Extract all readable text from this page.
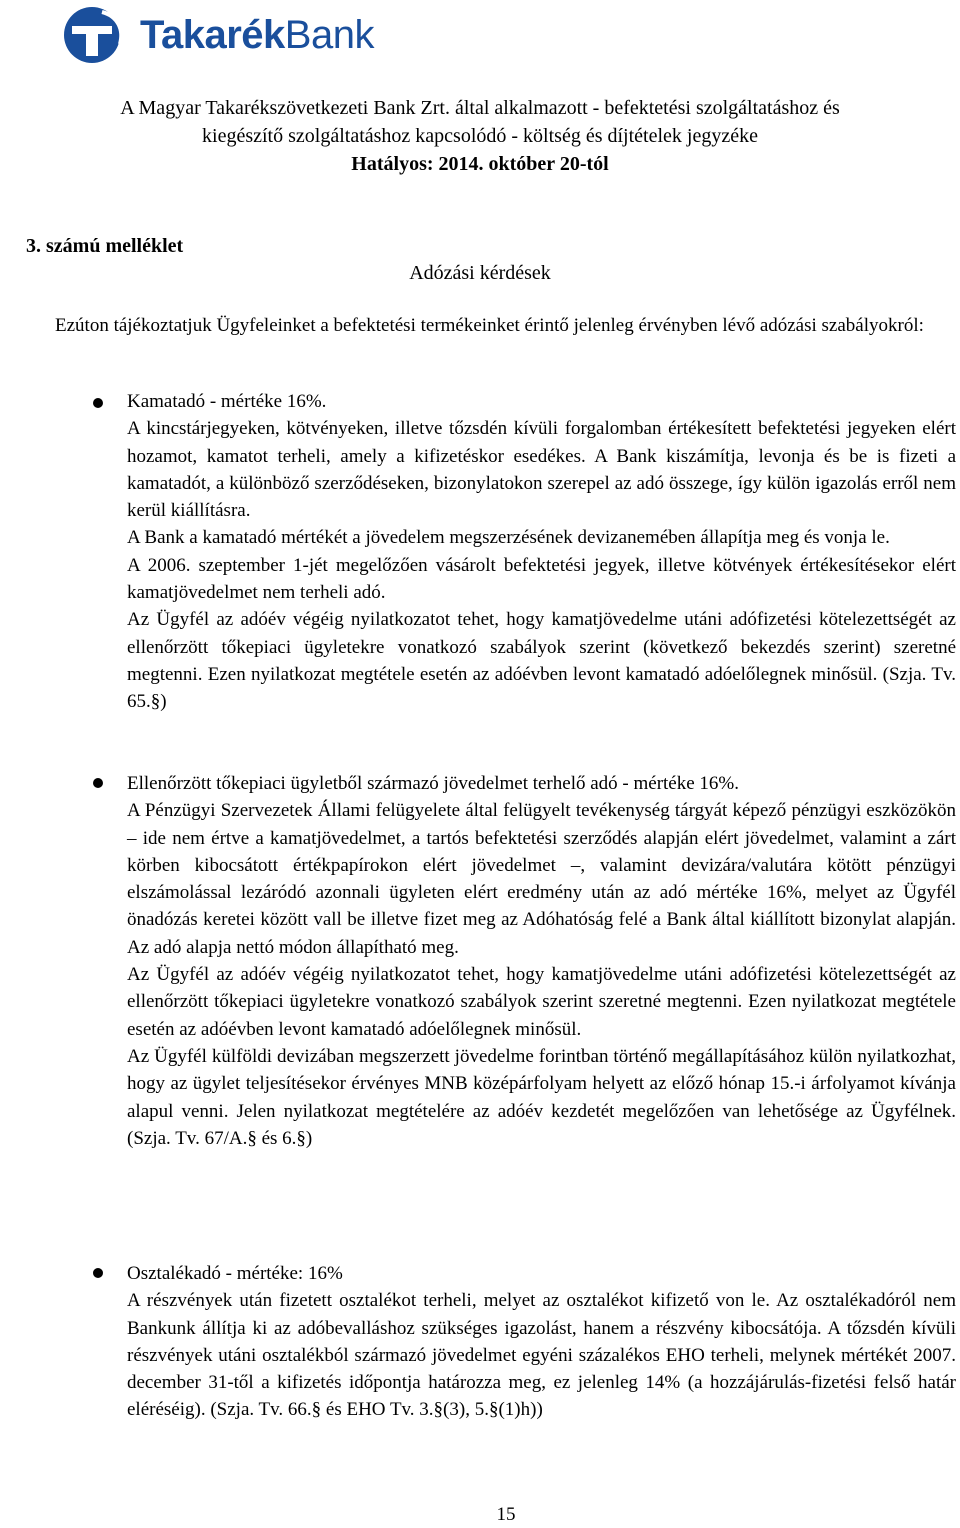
TakarékBank
A Magyar Takarékszövetkezeti Bank Zrt. által alkalmazott - befektetési szolgáltatáshoz és
kiegészítő szolgáltatáshoz kapcsolódó - költség és díjtételek jegyzéke
Hatályos: 2014. október 20-tól
3. számú melléklet
Adózási kérdések
Ezúton tájékoztatjuk Ügyfeleinket a befektetési termékeinket érintő jelenleg érvényben lévő adózási szabályokról:

Kamatadó - mértéke 16%.

A kincstárjegyeken, kötvényeken, illetve tőzsdén kívüli forgalomban értékesített befektetési jegyeken elért hozamot, kamatot terheli, amely a kifizetéskor esedékes. A Bank kiszámítja, levonja és be is fizeti a kamatadót, a különböző szerződéseken, bizonylatokon szerepel az adó összege, így külön igazolás erről nem kerül kiállításra.

A Bank a kamatadó mértékét a jövedelem megszerzésének devizanemében állapítja meg és vonja le.

A 2006. szeptember 1-jét megelőzően vásárolt befektetési jegyek, illetve kötvények értékesítésekor elért kamatjövedelmet nem terheli adó.

Az Ügyfél az adóév végéig nyilatkozatot tehet, hogy kamatjövedelme utáni adófizetési kötelezettségét az ellenőrzött tőkepiaci ügyletekre vonatkozó szabályok szerint (következő bekezdés szerint) szeretné megtenni. Ezen nyilatkozat megtétele esetén az adóévben levont kamatadó adóelőlegnek minősül. (Szja. Tv. 65.§)

Ellenőrzött tőkepiaci ügyletből származó jövedelmet terhelő adó - mértéke 16%.

A Pénzügyi Szervezetek Állami felügyelete által felügyelt tevékenység tárgyát képező pénzügyi eszközökön – ide nem értve a kamatjövedelmet, a tartós befektetési szerződés alapján elért jövedelmet, valamint a zárt körben kibocsátott értékpapírokon elért jövedelmet –, valamint devizára/valutára kötött pénzügyi elszámolással lezáródó azonnali ügyleten elért eredmény után az adó mértéke 16%, melyet az Ügyfél önadózás keretei között vall be illetve fizet meg az Adóhatóság felé a Bank által kiállított bizonylat alapján. Az adó alapja nettó módon állapítható meg.

Az Ügyfél az adóév végéig nyilatkozatot tehet, hogy kamatjövedelme utáni adófizetési kötelezettségét az ellenőrzött tőkepiaci ügyletekre vonatkozó szabályok szerint szeretné megtenni. Ezen nyilatkozat megtétele esetén az adóévben levont kamatadó adóelőlegnek minősül.

Az Ügyfél külföldi devizában megszerzett jövedelme forintban történő megállapításához külön nyilatkozhat, hogy az ügylet teljesítésekor érvényes MNB középárfolyam helyett az előző hónap 15.-i árfolyamot kívánja alapul venni. Jelen nyilatkozat megtételére az adóév kezdetét megelőzően van lehetősége az Ügyfélnek. (Szja. Tv. 67/A.§ és 6.§)

Osztalékadó - mértéke: 16%

A részvények után fizetett osztalékot terheli, melyet az osztalékot kifizető von le. Az osztalékadóról nem Bankunk állítja ki az adóbevalláshoz szükséges igazolást, hanem a részvény kibocsátója. A tőzsdén kívüli részvények utáni osztalékból származó jövedelmet egyéni százalékos EHO terheli, melynek mértékét 2007. december 31-től a kifizetés időpontja határozza meg, ez jelenleg 14% (a hozzájárulás-fizetési felső határ eléréséig). (Szja. Tv. 66.§ és EHO Tv. 3.§(3), 5.§(1)h))

15
